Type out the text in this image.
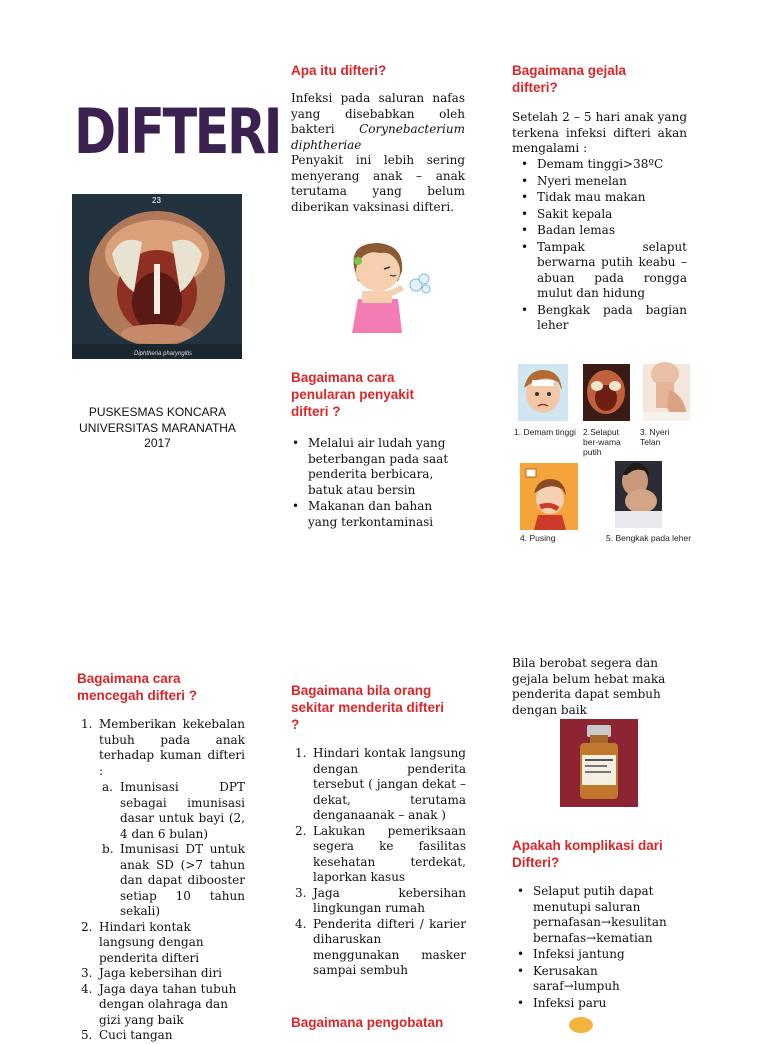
DIFTERI
23
Diphtheria pharyngitis
PUSKESMAS KONCARA
UNIVERSITAS MARANATHA
2017
Apa itu difteri?
Infeksi pada saluran nafas yang disebabkan oleh bakteri Corynebacterium diphtheriae
Penyakit ini lebih sering menyerang anak – anak terutama yang belum diberikan vaksinasi difteri.
Bagaimana cara penularan penyakit difteri ?
• Melalui air ludah yang beterbangan pada saat penderita berbicara, batuk atau bersin
• Makanan dan bahan yang terkontaminasi
Bagaimana gejala difteri?
Setelah 2 – 5 hari anak yang terkena infeksi difteri akan mengalami :
• Demam tinggi>38ºC
• Nyeri menelan
• Tidak mau makan
• Sakit kepala
• Badan lemas
• Tampak selaput berwarna putih keabu – abuan pada rongga mulut dan hidung
• Bengkak pada bagian leher
1. Demam tinggi 2.Selaput ber-wama putih
3. Nyeri Telan
4. Pusing	5. Bengkak pada leher
Bagaimana cara mencegah difteri ?
Memberikan kekebalan tubuh pada anak terhadap kuman difteri :
Imunisasi DPT sebagai imunisasi dasar untuk bayi (2, 4 dan 6 bulan)
Imunisasi DT untuk anak SD (>7 tahun dan dapat dibooster setiap 10 tahun sekali)
Hindari kontak langsung dengan penderita difteri
Jaga kebersihan diri
Jaga daya tahan tubuh dengan olahraga dan gizi yang baik
Cuci tangan
Bagaimana bila orang sekitar menderita difteri ?
Hindari kontak langsung dengan penderita tersebut ( jangan dekat – dekat, terutama denganaanak – anak )
Lakukan pemeriksaan segera ke fasilitas kesehatan terdekat, laporkan kasus
Jaga kebersihan lingkungan rumah
Penderita difteri / karier diharuskan menggunakan masker sampai sembuh
Bagaimana pengobatan
Bila berobat segera dan gejala belum hebat maka penderita dapat sembuh dengan baik
Apakah komplikasi dari Difteri?
• Selaput putih dapat menutupi saluran pernafasan→kesulitan bernafas→kematian
• Infeksi jantung
• Kerusakan saraf→lumpuh
• Infeksi paru
